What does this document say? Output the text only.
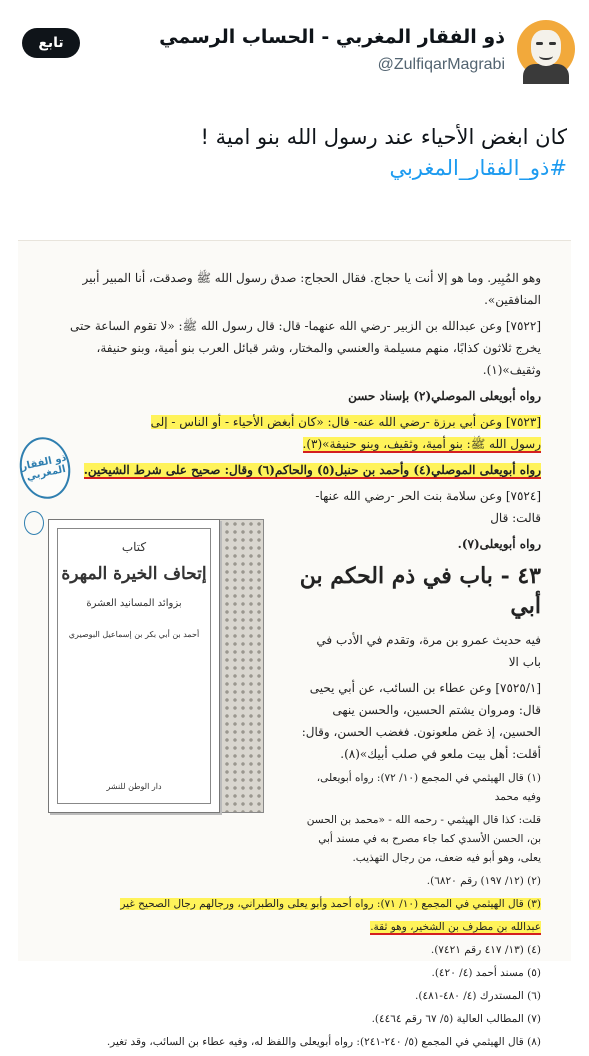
ذو الفقار المغربي - الحساب الرسمي
@ZulfiqarMagrabi
تابع
كان ابغض الأحياء عند رسول الله بنو امية !
#ذو_الفقار_المغربي

وهو المُبِير. وما هو إلا أنت يا حجاج. فقال الحجاج: صدق رسول الله ﷺ وصدقت، أنا المبير أبير المنافقين».

[٧٥٢٢] وعن عبدالله بن الزبير -رضي الله عنهما- قال: قال رسول الله ﷺ: «لا تقوم الساعة حتى يخرج ثلاثون كذابًا، منهم مسيلمة والعنسي والمختار، وشر قبائل العرب بنو أمية، وبنو حنيفة، وثقيف»(١).

رواه أبويعلى الموصلي(٢) بإسناد حسن

[٧٥٢٣] وعن أبي برزة -رضي الله عنه- قال: «كان أبغض الأحياء - أو الناس - إلى

رسول الله ﷺ: بنو أمية، وثقيف، وبنو حنيفة»(٣).

رواه أبويعلى الموصلي(٤) وأحمد بن حنبل(٥) والحاكم(٦) وقال: صحيح على شرط الشيخين.

[٧٥٢٤] وعن سلامة بنت الحر -رضي الله عنها- قالت: قال

رواه أبويعلى(٧).

٤٣ - باب في ذم الحكم بن أبي

فيه حديث عمرو بن مرة، وتقدم في الأدب في باب الا

[٧٥٢٥/١] وعن عطاء بن السائب، عن أبي يحيى قال: ومروان يشتم الحسين، والحسن ينهى الحسين، إذ غض ملعونون. فغضب الحسن، وقال: أقلت: أهل بيت ملعو في صلب أبيك»(٨).

(١) قال الهيثمي في المجمع (١٠/ ٧٢): رواه أبويعلى، وفيه محمد

قلت: كذا قال الهيثمي - رحمه الله - «محمد بن الحسن بن، الحسن الأسدي كما جاء مصرح به في مسند أبي يعلى، وهو أبو فيه ضعف، من رجال التهذيب.

(٢) (١٢/ ١٩٧) رقم ٦٨٢٠).

(٣) قال الهيثمي في المجمع (١٠/ ٧١): رواه أحمد وأبو يعلى والطبراني، ورجالهم رجال الصحيح غير

عبدالله بن مطرف بن الشخير، وهو ثقة.

(٤) (١٣/ ٤١٧ رقم ٧٤٢١).

(٥) مسند أحمد (٤/ ٤٢٠).

(٦) المستدرك (٤/ ٤٨٠-٤٨١).

(٧) المطالب العالية (٥/ ٦٧ رقم ٤٤٦٤).

(٨) قال الهيثمي في المجمع (٥/ ٢٤٠-٢٤١): رواه أبويعلى واللفظ له، وفيه عطاء بن السائب، وقد تغير.

كتاب
إتحاف الخيرة المهرة
بزوائد المسانيد العشرة
أحمد بن أبي بكر بن إسماعيل البوصيري
دار الوطن للنشر
ذو الفقار المغربي
